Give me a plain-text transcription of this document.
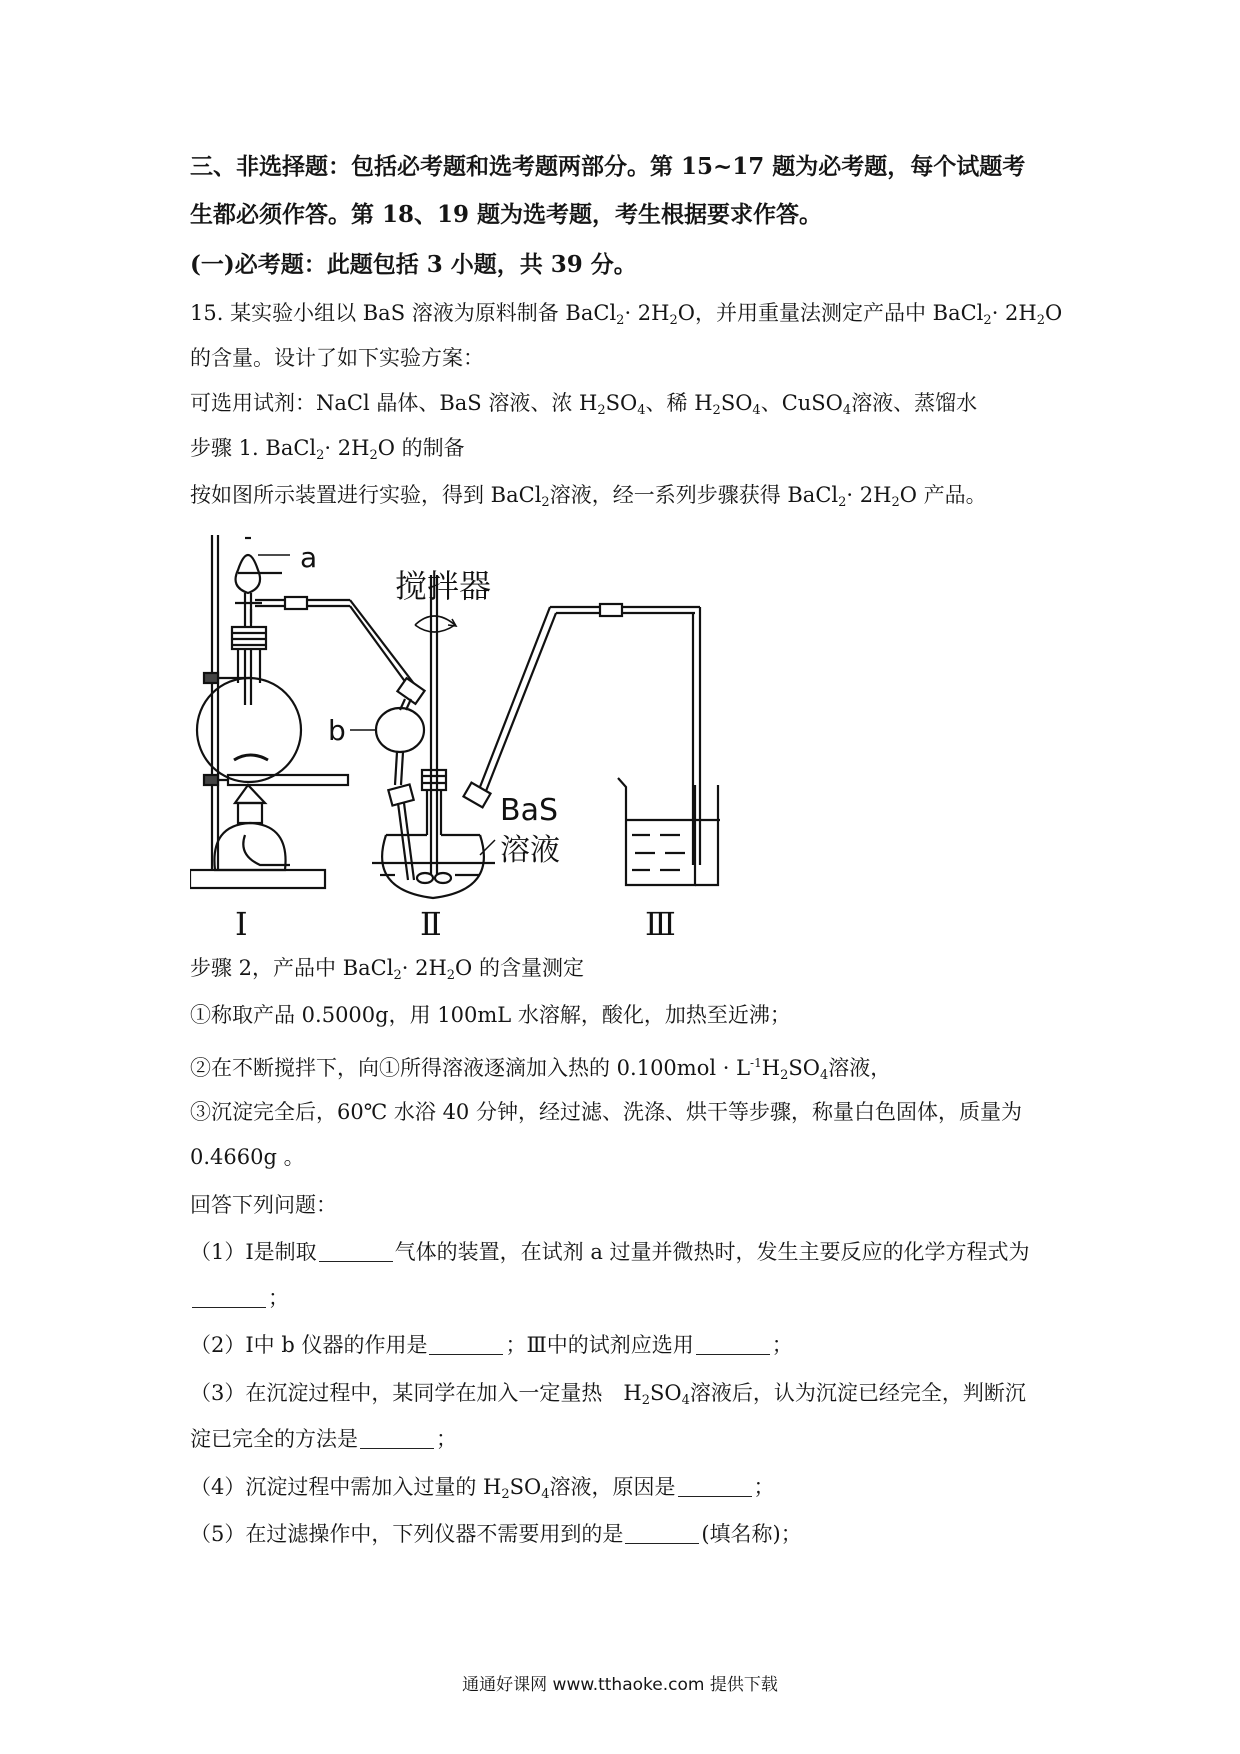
三、非选择题：包括必考题和选考题两部分。第 15~17 题为必考题，每个试题考
生都必须作答。第 18、19 题为选考题，考生根据要求作答。
(一)必考题：此题包括 3 小题，共 39 分。
15. 某实验小组以 BaS 溶液为原料制备 BaCl$_2$· $2H_2O$，并用重量法测定产品中 BaCl$_2$· $2H_2O$
的含量。设计了如下实验方案：
可选用试剂：NaCl 晶体、BaS 溶液、浓 $H_2SO_4$、稀 $H_2SO_4$、CuSO$_4$溶液、蒸馏水
步骤 1. BaCl$_2$· $2H_2O$ 的制备
按如图所示装置进行实验，得到 BaCl$_2$溶液，经一系列步骤获得 BaCl$_2$· $2H_2O$ 产品。
a
b
搅拌器
BaS
溶液
Ⅰ	Ⅱ	Ⅲ
步骤 2，产品中 BaCl$_2$· $2H_2O$ 的含量测定
①称取产品 0.5000g，用 100mL 水溶解，酸化，加热至近沸；
②在不断搅拌下，向①所得溶液逐滴加入热的 $0.100mol \cdot L^{-1}H_2SO_4$溶液，
③沉淀完全后，60℃ 水浴 40 分钟，经过滤、洗涤、烘干等步骤，称量白色固体，质量为
0.4660g 。
回答下列问题：
（1）I是制取	气体的装置，在试剂 a 过量并微热时，发生主要反应的化学方程式为
；
（2）I中 b 仪器的作用是	；Ⅲ中的试剂应选用	；
（3）在沉淀过程中，某同学在加入一定量热　$H_2SO_4$溶液后，认为沉淀已经完全，判断沉
淀已完全的方法是	；
（4）沉淀过程中需加入过量的 $H_2SO_4$溶液，原因是	；
（5）在过滤操作中，下列仪器不需要用到的是	(填名称)；
通通好课网 www.tthaoke.com 提供下载
